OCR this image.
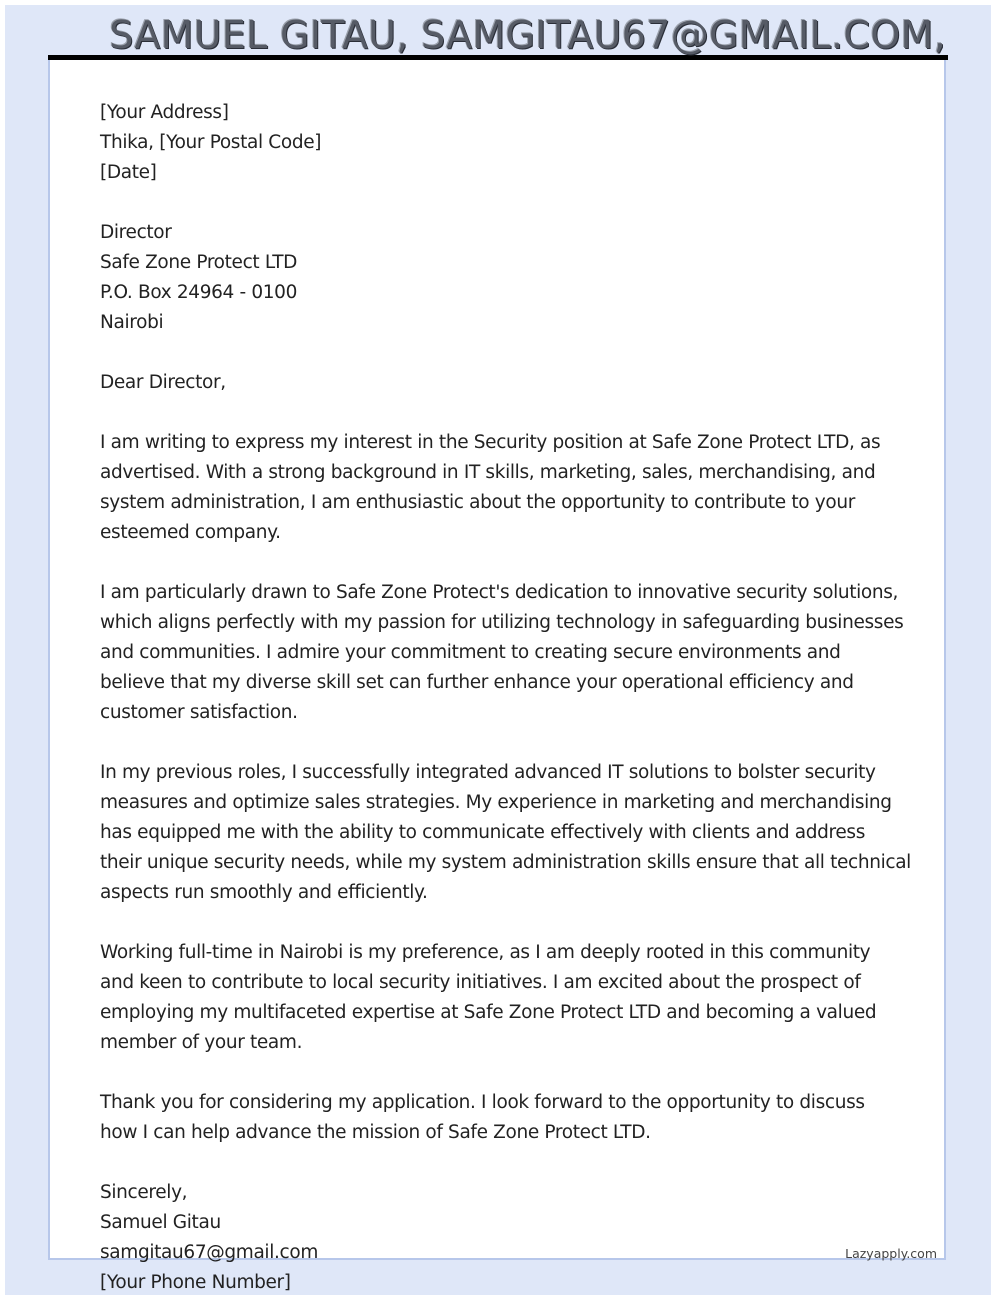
SAMUEL GITAU, SAMGITAU67@GMAIL.COM,
[Your Address]
Thika, [Your Postal Code]
[Date]
Director
Safe Zone Protect LTD
P.O. Box 24964 - 0100
Nairobi
Dear Director,
I am writing to express my interest in the Security position at Safe Zone Protect LTD, as
advertised. With a strong background in IT skills, marketing, sales, merchandising, and
system administration, I am enthusiastic about the opportunity to contribute to your
esteemed company.
I am particularly drawn to Safe Zone Protect's dedication to innovative security solutions,
which aligns perfectly with my passion for utilizing technology in safeguarding businesses
and communities. I admire your commitment to creating secure environments and
believe that my diverse skill set can further enhance your operational efficiency and
customer satisfaction.
In my previous roles, I successfully integrated advanced IT solutions to bolster security
measures and optimize sales strategies. My experience in marketing and merchandising
has equipped me with the ability to communicate effectively with clients and address
their unique security needs, while my system administration skills ensure that all technical
aspects run smoothly and efficiently.
Working full-time in Nairobi is my preference, as I am deeply rooted in this community
and keen to contribute to local security initiatives. I am excited about the prospect of
employing my multifaceted expertise at Safe Zone Protect LTD and becoming a valued
member of your team.
Thank you for considering my application. I look forward to the opportunity to discuss
how I can help advance the mission of Safe Zone Protect LTD.
Sincerely,
Samuel Gitau
samgitau67@gmail.com
[Your Phone Number]
Lazyapply.com
